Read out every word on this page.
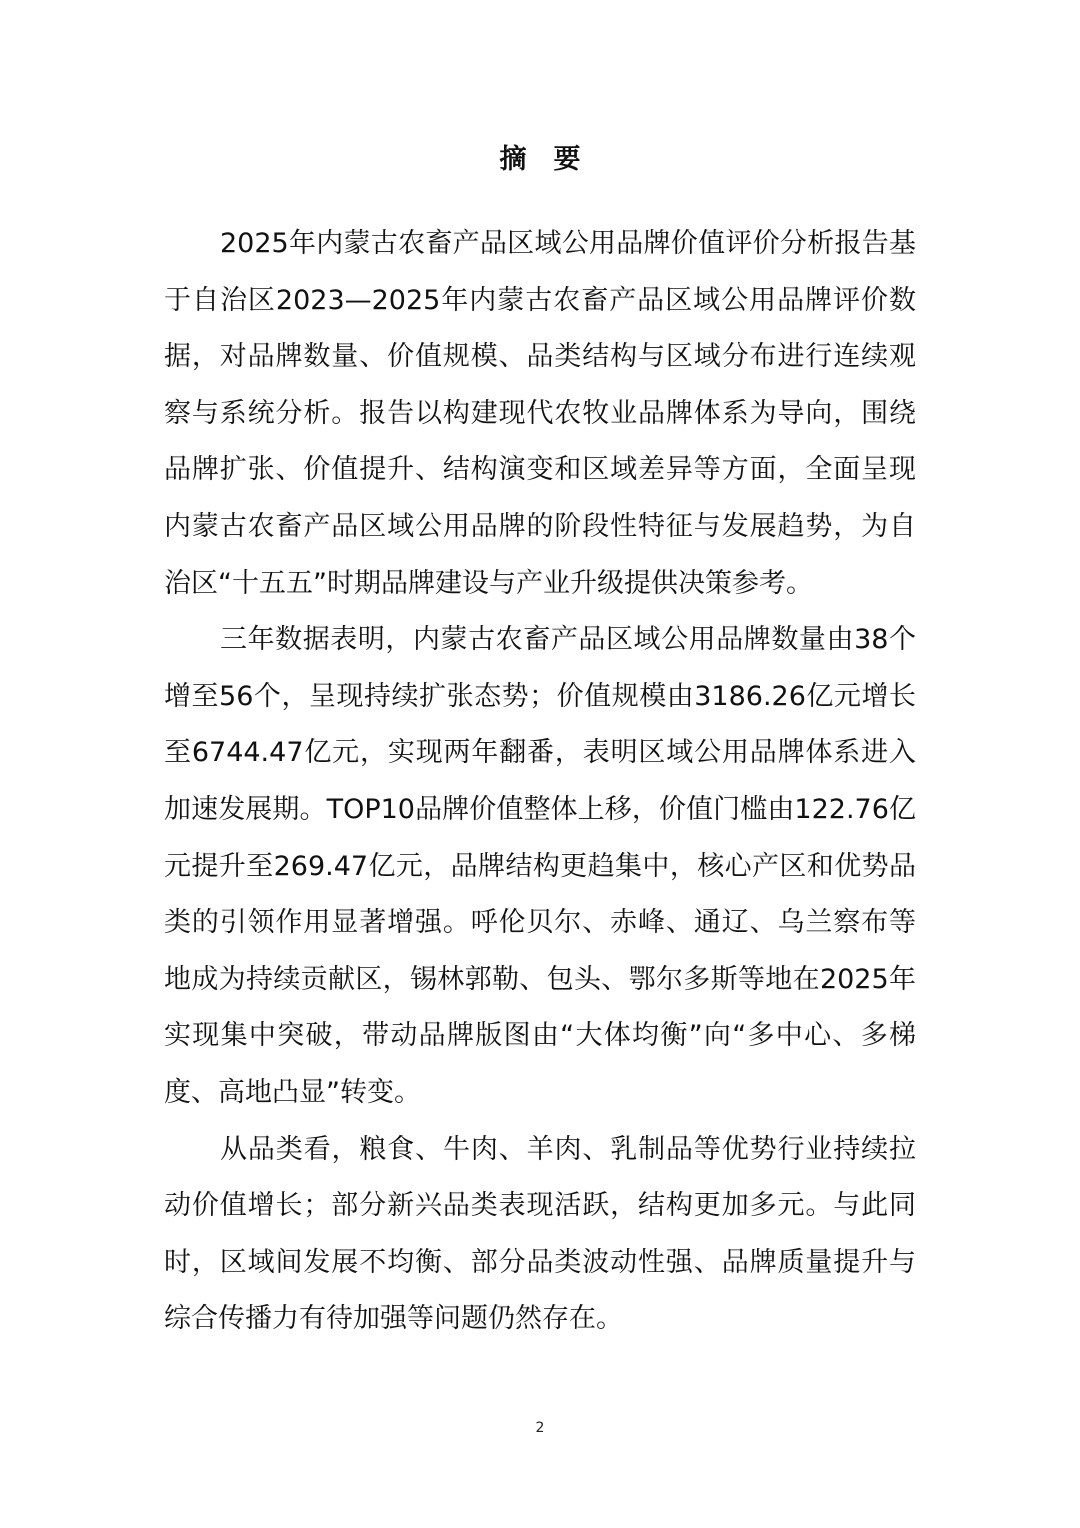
摘　要

2025年内蒙古农畜产品区域公用品牌价值评价分析报告基于自治区2023—2025年内蒙古农畜产品区域公用品牌评价数据，对品牌数量、价值规模、品类结构与区域分布进行连续观察与系统分析。报告以构建现代农牧业品牌体系为导向，围绕品牌扩张、价值提升、结构演变和区域差异等方面，全面呈现内蒙古农畜产品区域公用品牌的阶段性特征与发展趋势，为自治区“十五五”时期品牌建设与产业升级提供决策参考。

三年数据表明，内蒙古农畜产品区域公用品牌数量由38个增至56个，呈现持续扩张态势；价值规模由3186.26亿元增长至6744.47亿元，实现两年翻番，表明区域公用品牌体系进入加速发展期。TOP10品牌价值整体上移，价值门槛由122.76亿元提升至269.47亿元，品牌结构更趋集中，核心产区和优势品类的引领作用显著增强。呼伦贝尔、赤峰、通辽、乌兰察布等地成为持续贡献区，锡林郭勒、包头、鄂尔多斯等地在2025年实现集中突破，带动品牌版图由“大体均衡”向“多中心、多梯度、高地凸显”转变。

从品类看，粮食、牛肉、羊肉、乳制品等优势行业持续拉动价值增长；部分新兴品类表现活跃，结构更加多元。与此同时，区域间发展不均衡、部分品类波动性强、品牌质量提升与综合传播力有待加强等问题仍然存在。

2
